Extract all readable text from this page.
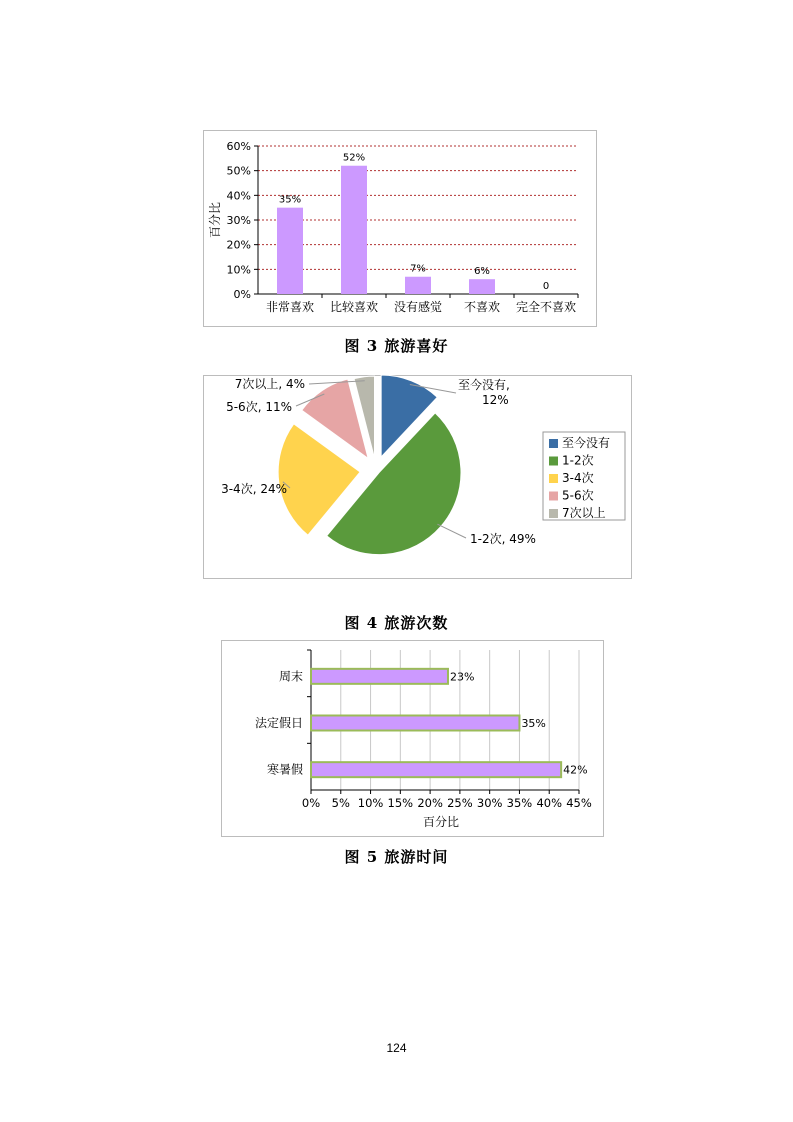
0%
10%
20%
30%
40%
50%
60%
35%
非常喜欢
52%
比较喜欢
7%
没有感觉
6%
不喜欢
0
完全不喜欢
百分比
图 3 旅游喜好
至今没有,
12%
1-2次, 49%
3-4次, 24%
5-6次, 11%
7次以上, 4%
至今没有
1-2次
3-4次
5-6次
7次以上
图 4 旅游次数
0% 5% 10% 15% 20% 25% 30% 35% 40% 45%
23%
周末
35%
法定假日
42%
寒暑假
百分比
图 5 旅游时间
124
